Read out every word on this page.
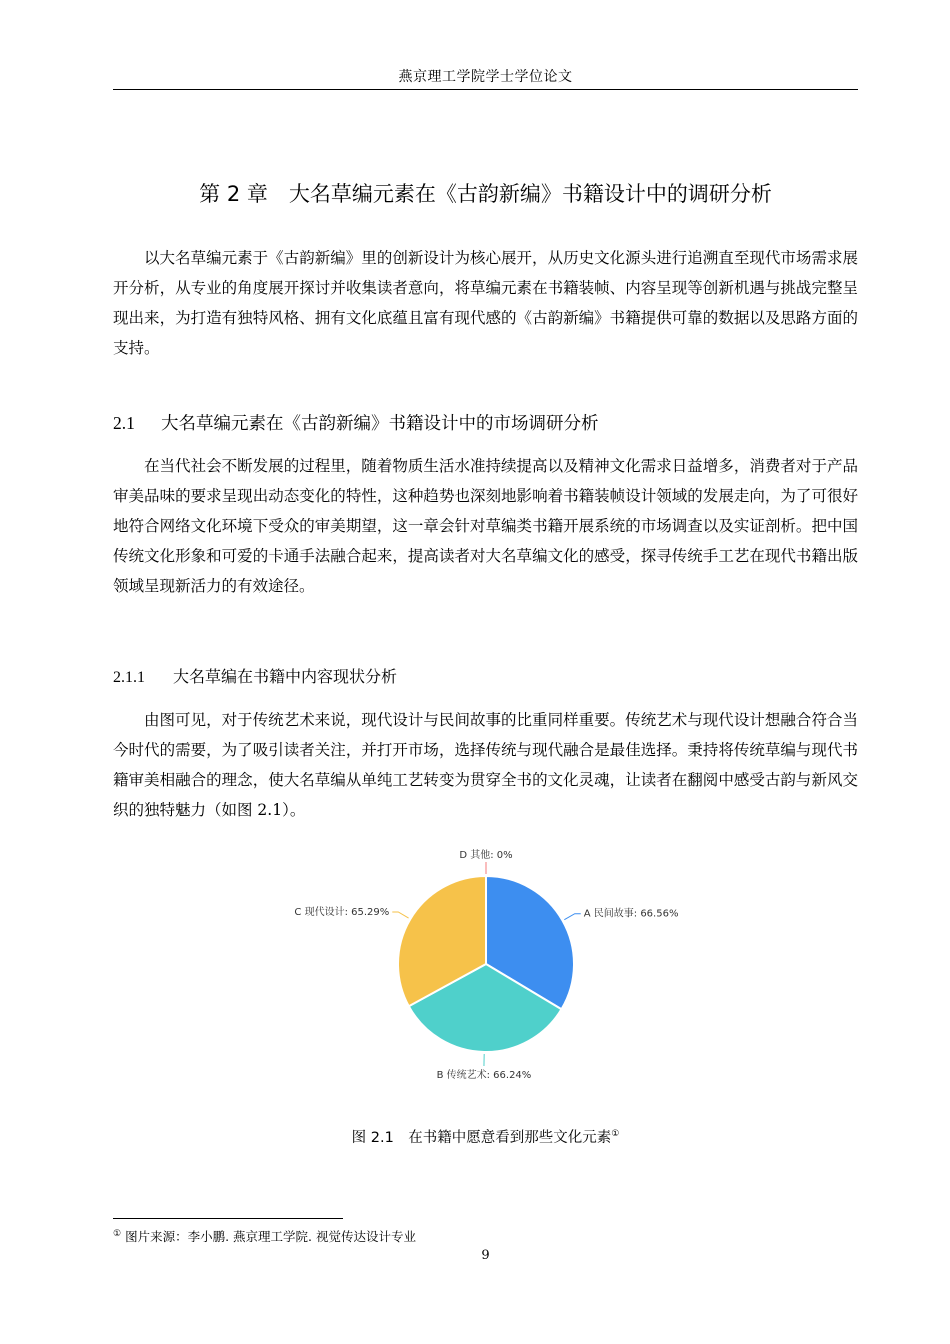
燕京理工学院学士学位论文
第 2 章　大名草编元素在《古韵新编》书籍设计中的调研分析

以大名草编元素于《古韵新编》里的创新设计为核心展开，从历史文化源头进行追溯直至现代市场需求展开分析，从专业的角度展开探讨并收集读者意向，将草编元素在书籍装帧、内容呈现等创新机遇与挑战完整呈现出来，为打造有独特风格、拥有文化底蕴且富有现代感的《古韵新编》书籍提供可靠的数据以及思路方面的支持。

2.1 大名草编元素在《古韵新编》书籍设计中的市场调研分析

在当代社会不断发展的过程里，随着物质生活水准持续提高以及精神文化需求日益增多，消费者对于产品审美品味的要求呈现出动态变化的特性，这种趋势也深刻地影响着书籍装帧设计领域的发展走向，为了可很好地符合网络文化环境下受众的审美期望，这一章会针对草编类书籍开展系统的市场调查以及实证剖析。把中国传统文化形象和可爱的卡通手法融合起来，提高读者对大名草编文化的感受，探寻传统手工艺在现代书籍出版领域呈现新活力的有效途径。

2.1.1 大名草编在书籍中内容现状分析

由图可见，对于传统艺术来说，现代设计与民间故事的比重同样重要。传统艺术与现代设计想融合符合当今时代的需要，为了吸引读者关注，并打开市场，选择传统与现代融合是最佳选择。秉持将传统草编与现代书籍审美相融合的理念，使大名草编从单纯工艺转变为贯穿全书的文化灵魂，让读者在翻阅中感受古韵与新风交织的独特魅力（如图 2.1）。

A 民间故事: 66.56%
B 传统艺术: 66.24%
C 现代设计: 65.29%
D 其他: 0%
图 2.1　在书籍中愿意看到那些文化元素①
① 图片来源：李小鹏. 燕京理工学院. 视觉传达设计专业
9
